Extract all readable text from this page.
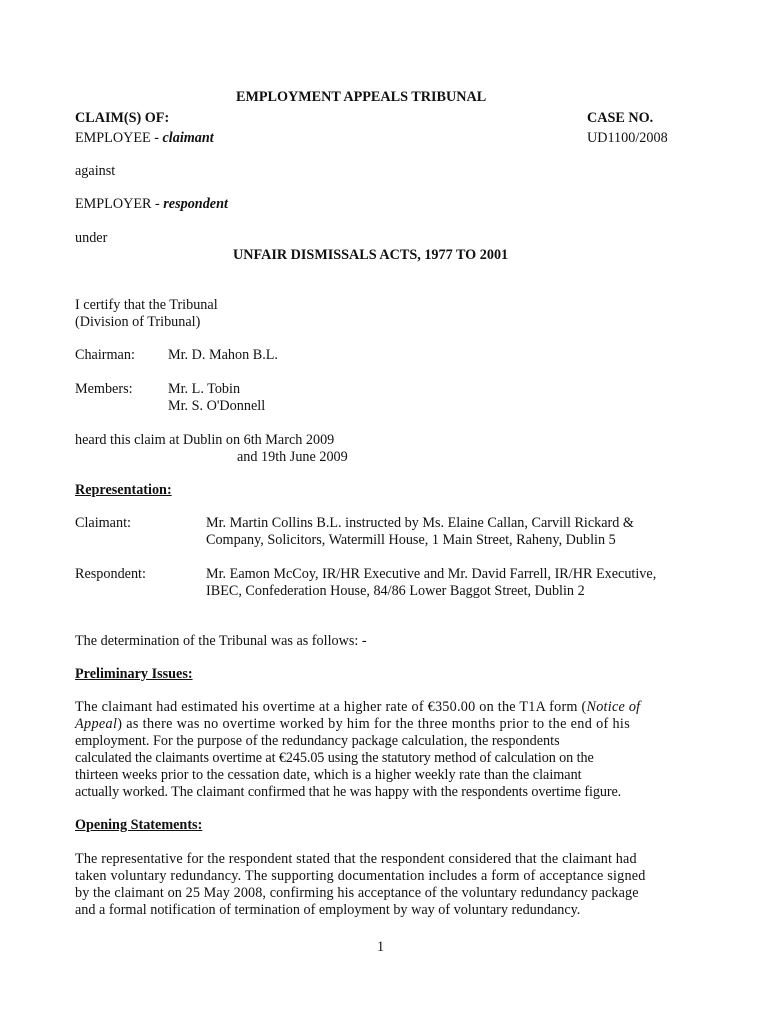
EMPLOYMENT APPEALS TRIBUNAL
CLAIM(S) OF:	CASE NO.
EMPLOYEE - claimant	UD1100/2008
against
EMPLOYER - respondent
under
UNFAIR DISMISSALS ACTS, 1977 TO 2001
I certify that the Tribunal
(Division of Tribunal)
Chairman: Mr. D. Mahon B.L.
Members: Mr. L. Tobin
Mr. S. O'Donnell
heard this claim at Dublin on 6th March 2009
and 19th June 2009
Representation:
Claimant:	Mr. Martin Collins B.L. instructed by Ms. Elaine Callan, Carvill Rickard &
Company, Solicitors, Watermill House, 1 Main Street, Raheny, Dublin 5
Respondent:	Mr. Eamon McCoy, IR/HR Executive and Mr. David Farrell, IR/HR Executive,
IBEC, Confederation House, 84/86 Lower Baggot Street, Dublin 2
The determination of the Tribunal was as follows: -
Preliminary Issues:
The claimant had estimated his overtime at a higher rate of €350.00 on the T1A form (Notice of
Appeal) as there was no overtime worked by him for the three months prior to the end of his
employment. For the purpose of the redundancy package calculation, the respondents
calculated the claimants overtime at €245.05 using the statutory method of calculation on the
thirteen weeks prior to the cessation date, which is a higher weekly rate than the claimant
actually worked. The claimant confirmed that he was happy with the respondents overtime figure.
Opening Statements:
The representative for the respondent stated that the respondent considered that the claimant had
taken voluntary redundancy. The supporting documentation includes a form of acceptance signed
by the claimant on 25 May 2008, confirming his acceptance of the voluntary redundancy package
and a formal notification of termination of employment by way of voluntary redundancy.
1
